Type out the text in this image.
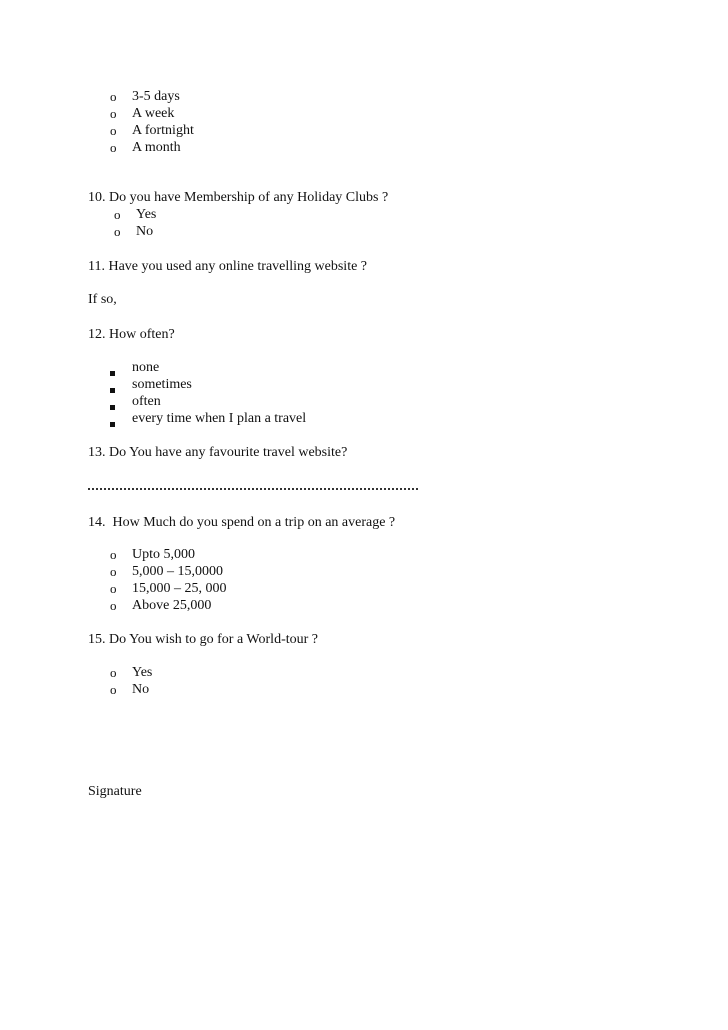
o 3-5 days
o A week
o A fortnight
o A month
10. Do you have Membership of any Holiday Clubs ?
o Yes
o No
11. Have you used any online travelling website ?
If so,
12. How often?
none
sometimes
often
every time when I plan a travel
13. Do You have any favourite travel website?
14.  How Much do you spend on a trip on an average ?
o Upto 5,000
o 5,000 – 15,0000
o 15,000 – 25, 000
o Above 25,000
15. Do You wish to go for a World-tour ?
o Yes
o No
Signature
